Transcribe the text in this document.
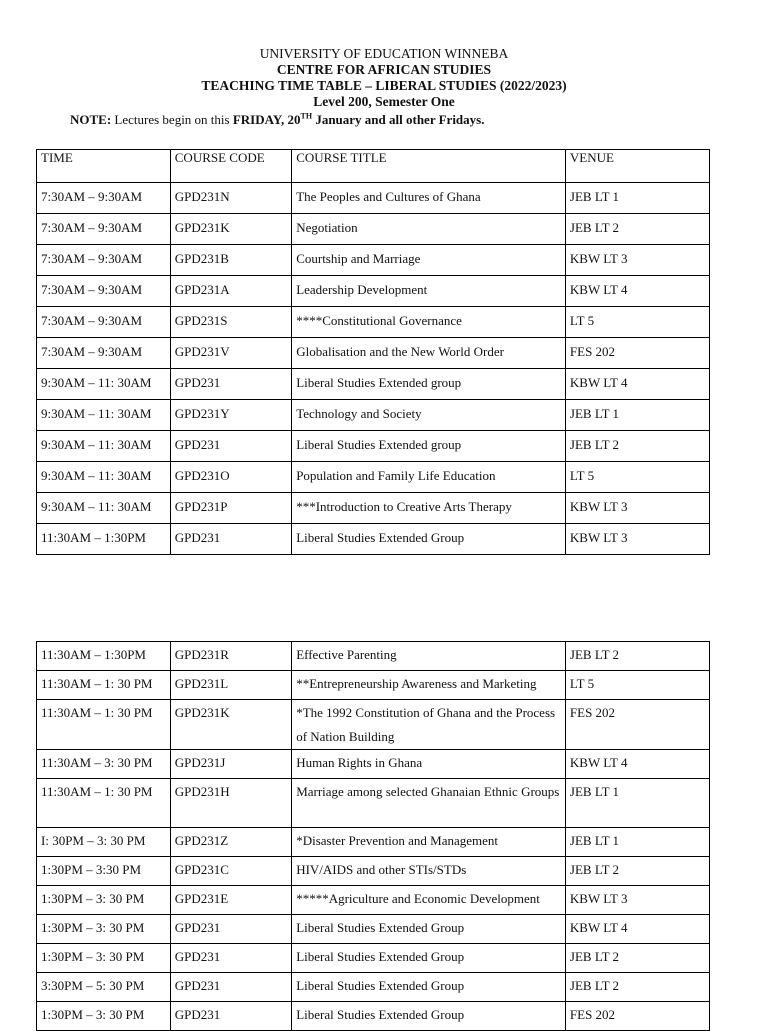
UNIVERSITY OF EDUCATION WINNEBA
CENTRE FOR AFRICAN STUDIES
TEACHING TIME TABLE – LIBERAL STUDIES (2022/2023)
Level 200, Semester One
NOTE: Lectures begin on this FRIDAY, 20TH January and all other Fridays.
TIME	COURSE CODE	COURSE TITLE	VENUE
7:30AM – 9:30AM	GPD231N	The Peoples and Cultures of Ghana	JEB LT 1
7:30AM – 9:30AM	GPD231K	Negotiation	JEB LT 2
7:30AM – 9:30AM	GPD231B	Courtship and Marriage	KBW LT 3
7:30AM – 9:30AM	GPD231A	Leadership Development	KBW LT 4
7:30AM – 9:30AM	GPD231S	****Constitutional Governance	LT 5
7:30AM – 9:30AM	GPD231V	Globalisation and the New World Order	FES 202
9:30AM – 11: 30AM	GPD231	Liberal Studies Extended group	KBW LT 4
9:30AM – 11: 30AM	GPD231Y	Technology and Society	JEB LT 1
9:30AM – 11: 30AM	GPD231	Liberal Studies Extended group	JEB LT 2
9:30AM – 11: 30AM	GPD231O	Population and Family Life Education	LT 5
9:30AM – 11: 30AM	GPD231P	***Introduction to Creative Arts Therapy	KBW LT 3
11:30AM – 1:30PM	GPD231	Liberal Studies Extended Group	KBW LT 3
11:30AM – 1:30PM	GPD231R	Effective Parenting	JEB LT 2
11:30AM – 1: 30 PM	GPD231L	**Entrepreneurship Awareness and Marketing	LT 5
11:30AM – 1: 30 PM	GPD231K	*The 1992 Constitution of Ghana and the Process of Nation Building	FES 202
11:30AM – 3: 30 PM	GPD231J	Human Rights in Ghana	KBW LT 4
11:30AM – 1: 30 PM	GPD231H	Marriage among selected Ghanaian Ethnic Groups	JEB LT 1
I: 30PM – 3: 30 PM	GPD231Z	*Disaster Prevention and Management	JEB LT 1
1:30PM – 3:30 PM	GPD231C	HIV/AIDS and other STIs/STDs	JEB LT 2
1:30PM – 3: 30 PM	GPD231E	*****Agriculture and Economic Development	KBW LT 3
1:30PM – 3: 30 PM	GPD231	Liberal Studies Extended Group	KBW LT 4
1:30PM – 3: 30 PM	GPD231	Liberal Studies Extended Group	JEB LT 2
3:30PM – 5: 30 PM	GPD231	Liberal Studies Extended Group	JEB LT 2
1:30PM – 3: 30 PM	GPD231	Liberal Studies Extended Group	FES 202
